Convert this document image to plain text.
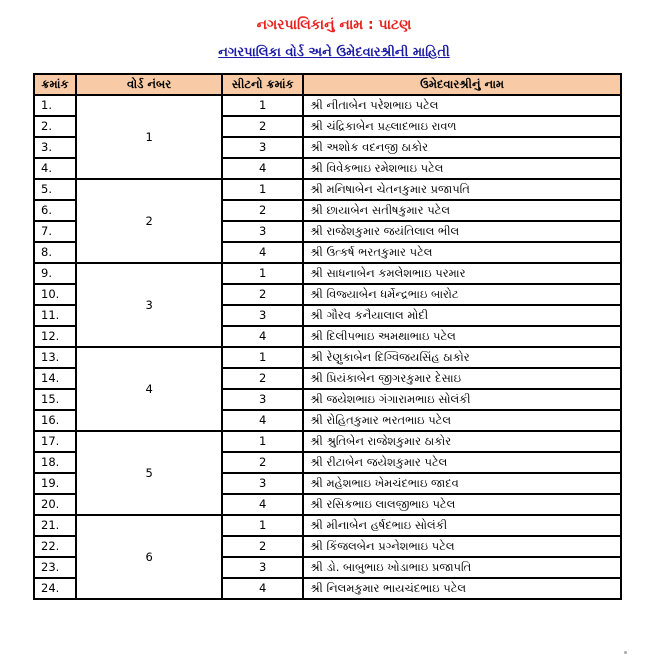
નગરપાલિકાનું નામ : પાટણ
નગરપાલિકા વોર્ડ અને ઉમેદવારશ્રીની માહિતી
ક્રમાંક	વોર્ડ નંબર	સીટનો ક્રમાંક	ઉમેદવારશ્રીનું નામ
1.	1	1	શ્રી નીતાબેન પરેશભાઇ પટેલ
2.		2	શ્રી ચંદ્રિકાબેન પ્રહ્લાદભાઇ રાવળ
3.		3	શ્રી અશોક વદનજી ઠાકોર
4.		4	શ્રી વિવેકભાઇ રમેશભાઇ પટેલ
5.	2	1	શ્રી મનિષાબેન ચેતનકુમાર પ્રજાપતિ
6.		2	શ્રી છાયાબેન સતીષકુમાર પટેલ
7.		3	શ્રી રાજેશકુમાર જયંતિલાલ ભીલ
8.		4	શ્રી ઉત્કર્ષ ભરતકુમાર પટેલ
9.	3	1	શ્રી સાધનાબેન કમલેશભાઇ પરમાર
10.		2	શ્રી વિજ્યાબેન ધર્મેન્દ્રભાઇ બારોટ
11.		3	શ્રી ગૌરવ કનૈયાલાલ મોદી
12.		4	શ્રી દિલીપભાઇ અમથાભાઇ પટેલ
13.	4	1	શ્રી રેણુકાબેન દિગ્વિજયસિંહ ઠાકોર
14.		2	શ્રી પ્રિયંકાબેન જીગરકુમાર દેસાઇ
15.		3	શ્રી જયેશભાઇ ગંગારામભાઇ સોલંકી
16.		4	શ્રી રોહિતકુમાર ભરતભાઇ પટેલ
17.	5	1	શ્રી શ્રુતિબેન રાજેશકુમાર ઠાકોર
18.		2	શ્રી રીટાબેન જયેશકુમાર પટેલ
19.		3	શ્રી મહેશભાઇ ખેમચંદભાઇ જાદવ
20.		4	શ્રી રસિકભાઇ લાલજીભાઇ પટેલ
21.	6	1	શ્રી મીનાબેન હર્ષદભાઇ સોલંકી
22.		2	શ્રી કિંજલબેન પ્રગ્નેશભાઇ પટેલ
23.		3	શ્રી ડો. બાબુભાઇ ખોડાભાઇ પ્રજાપતિ
24.		4	શ્રી નિલમકુમાર ભાયચંદભાઇ પટેલ
